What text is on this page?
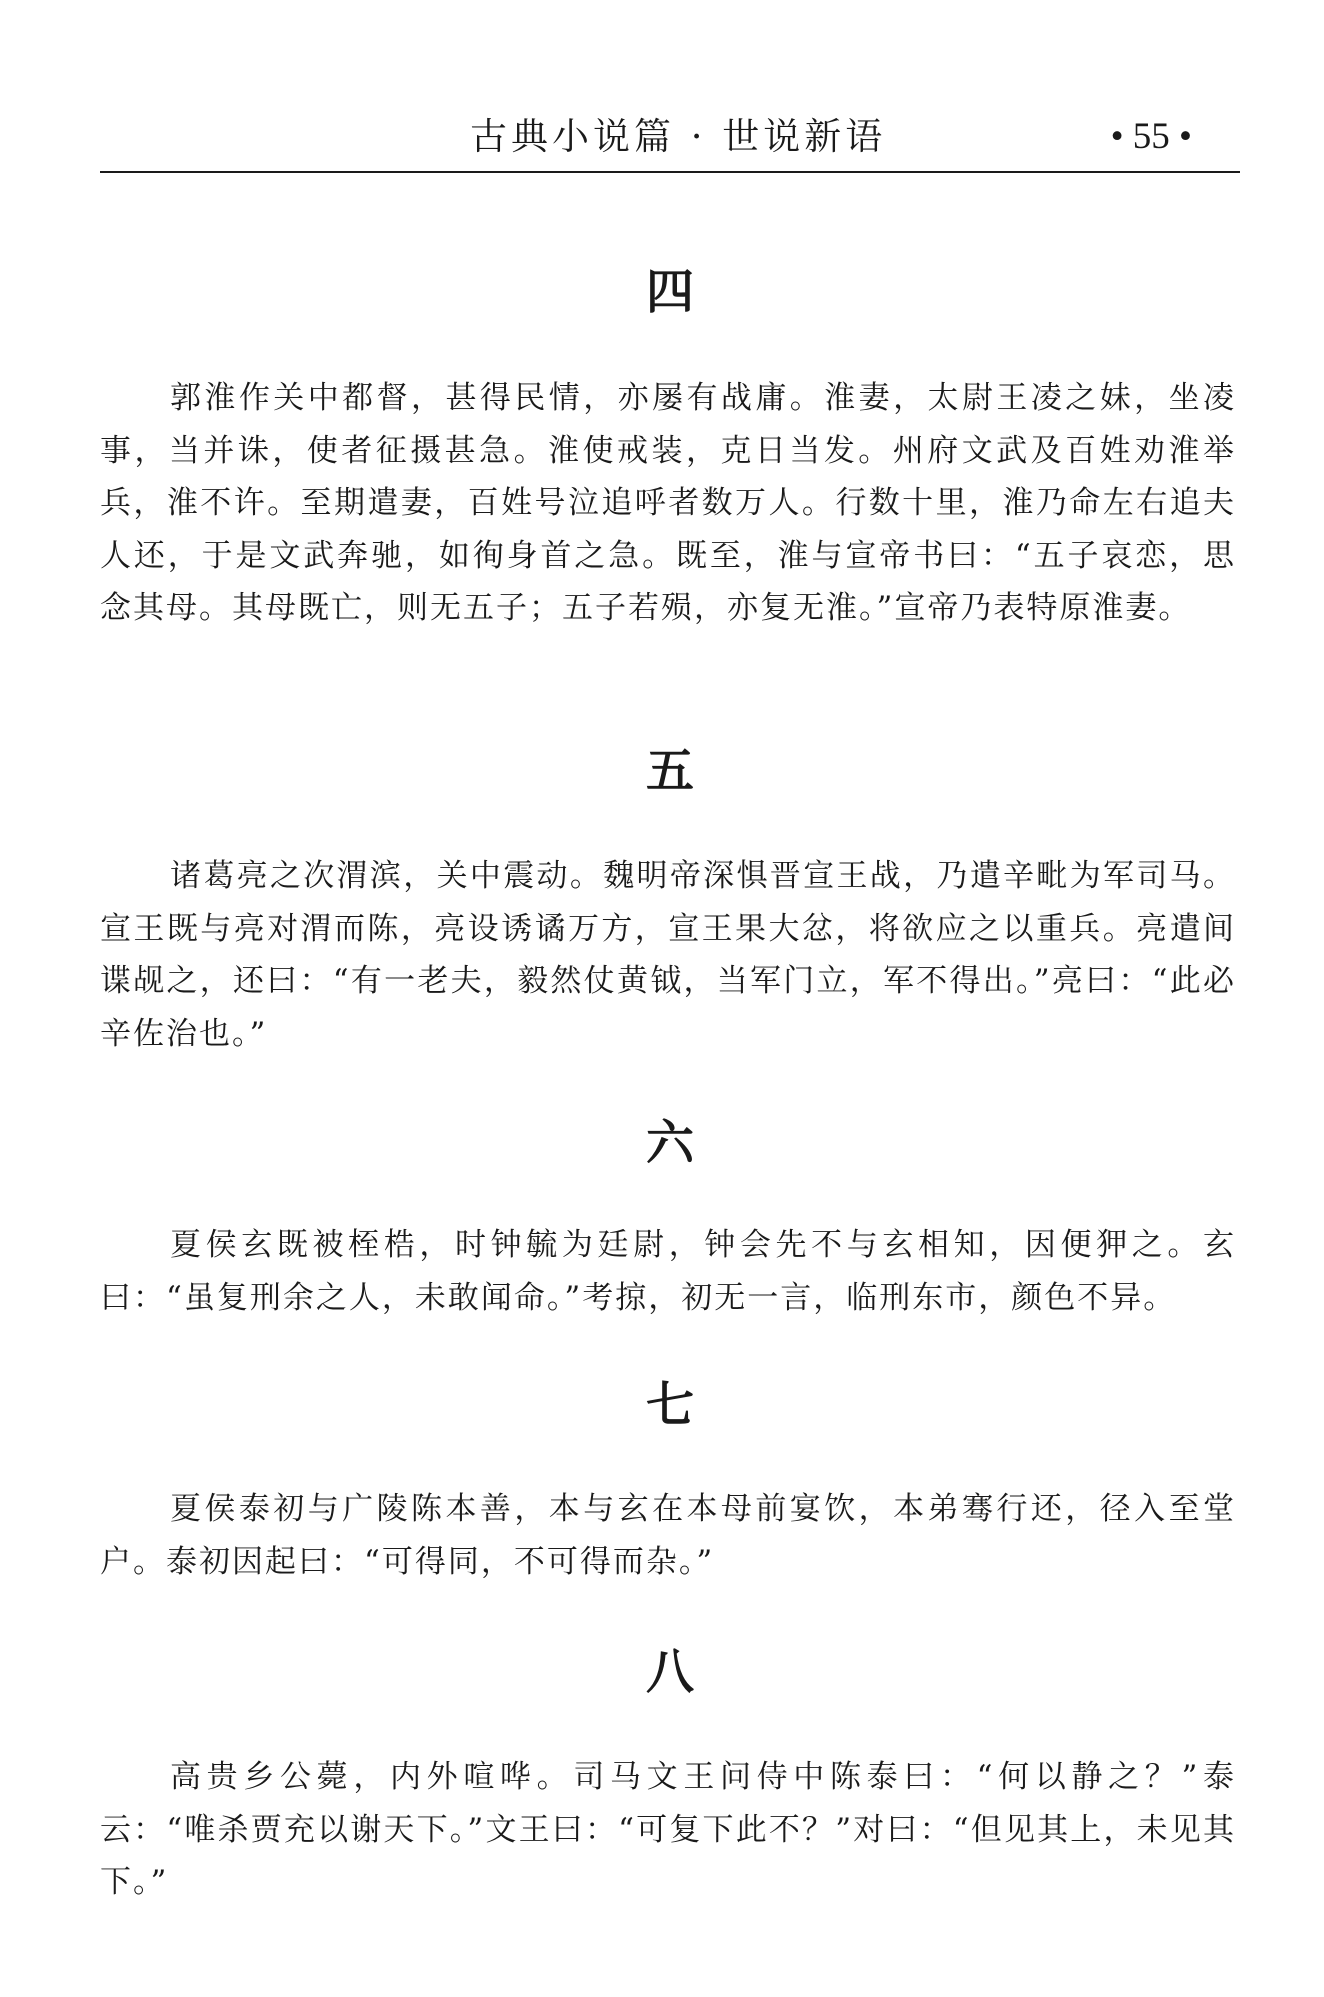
古典小说篇 · 世说新语	• 55 •
四

郭淮作关中都督，甚得民情，亦屡有战庸。淮妻，太尉王凌之妹，坐凌事，当并诛，使者征摄甚急。淮使戒装，克日当发。州府文武及百姓劝淮举兵，淮不许。至期遣妻，百姓号泣追呼者数万人。行数十里，淮乃命左右追夫人还，于是文武奔驰，如徇身首之急。既至，淮与宣帝书曰：“五子哀恋，思念其母。其母既亡，则无五子；五子若殒，亦复无淮。”宣帝乃表特原淮妻。

五

诸葛亮之次渭滨，关中震动。魏明帝深惧晋宣王战，乃遣辛毗为军司马。宣王既与亮对渭而陈，亮设诱谲万方，宣王果大忿，将欲应之以重兵。亮遣间谍觇之，还曰：“有一老夫，毅然仗黄钺，当军门立，军不得出。”亮曰：“此必辛佐治也。”

六

夏侯玄既被桎梏，时钟毓为廷尉，钟会先不与玄相知，因便狎之。玄曰：“虽复刑余之人，未敢闻命。”考掠，初无一言，临刑东市，颜色不异。

七

夏侯泰初与广陵陈本善，本与玄在本母前宴饮，本弟骞行还，径入至堂户。泰初因起曰：“可得同，不可得而杂。”

八

高贵乡公薨，内外喧哗。司马文王问侍中陈泰曰：“何以静之？”泰云：“唯杀贾充以谢天下。”文王曰：“可复下此不？”对曰：“但见其上，未见其下。”
